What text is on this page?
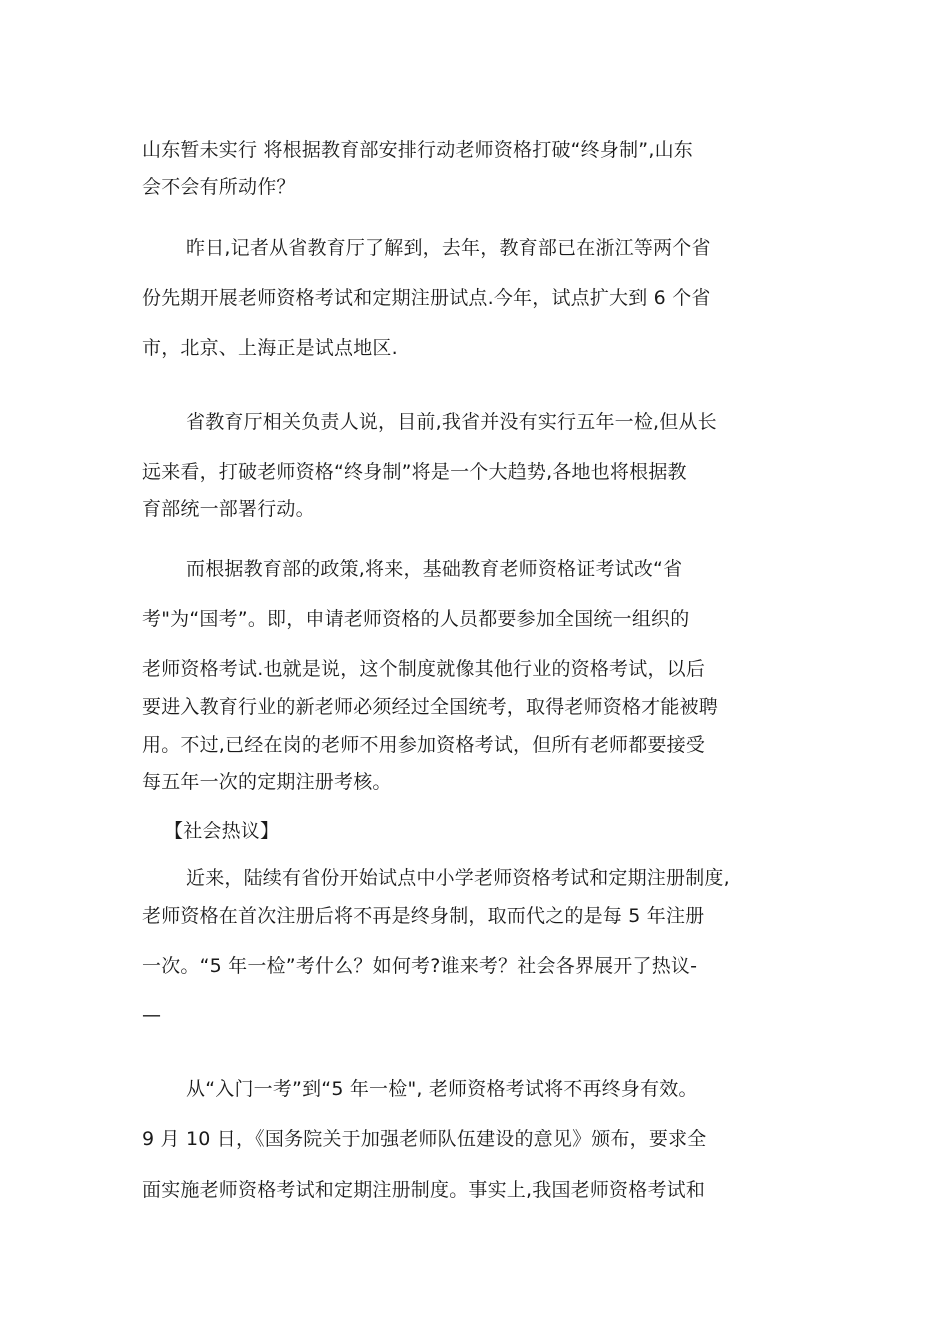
山东暂未实行 将根据教育部安排行动老师资格打破“终身制”,山东
会不会有所动作？
昨日,记者从省教育厅了解到，去年，教育部已在浙江等两个省
份先期开展老师资格考试和定期注册试点.今年，试点扩大到 6 个省
市，北京、上海正是试点地区.
省教育厅相关负责人说，目前,我省并没有实行五年一检,但从长
远来看，打破老师资格“终身制”将是一个大趋势,各地也将根据教
育部统一部署行动。
而根据教育部的政策,将来，基础教育老师资格证考试改“省
考"为“国考”。即，申请老师资格的人员都要参加全国统一组织的
老师资格考试.也就是说，这个制度就像其他行业的资格考试，以后
要进入教育行业的新老师必须经过全国统考，取得老师资格才能被聘
用。不过,已经在岗的老师不用参加资格考试，但所有老师都要接受
每五年一次的定期注册考核。
【社会热议】
近来，陆续有省份开始试点中小学老师资格考试和定期注册制度,
老师资格在首次注册后将不再是终身制，取而代之的是每 5 年注册
一次。“5 年一检”考什么？如何考?谁来考？社会各界展开了热议-
—
从“入门一考”到“5 年一检", 老师资格考试将不再终身有效。
9 月 10 日，《国务院关于加强老师队伍建设的意见》颁布，要求全
面实施老师资格考试和定期注册制度。事实上,我国老师资格考试和
